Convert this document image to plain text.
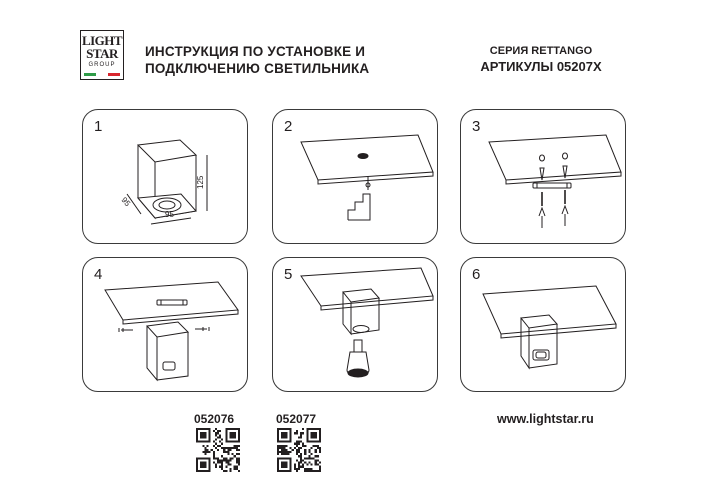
LIGHT
STAR
GROUP
ИНСТРУКЦИЯ ПО УСТАНОВКЕ И
ПОДКЛЮЧЕНИЮ СВЕТИЛЬНИКА
СЕРИЯ RETTANGO
АРТИКУЛЫ 05207X
1
125
95
95
2	3
4	5	6
052076	052077	www.lightstar.ru
